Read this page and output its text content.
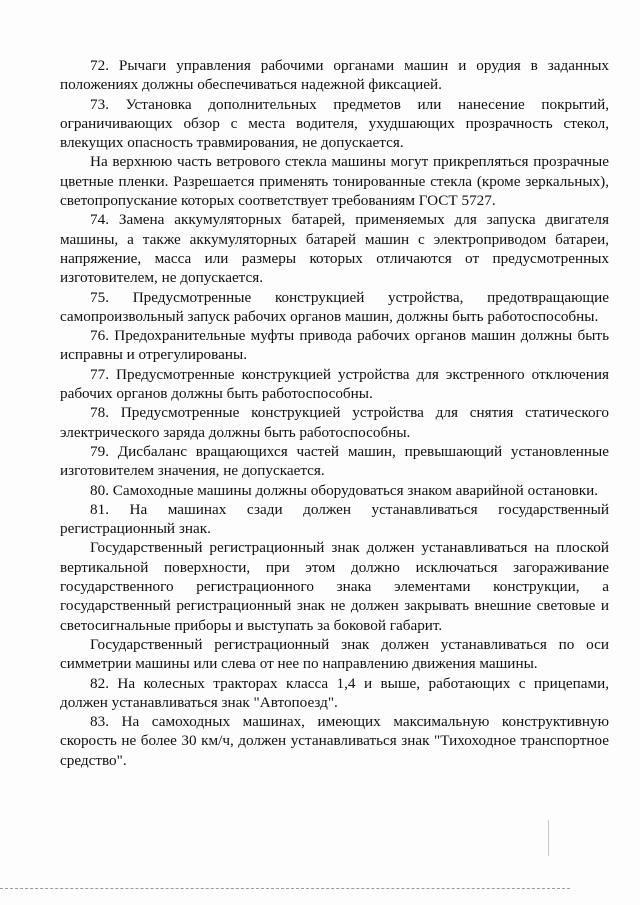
72. Рычаги управления рабочими органами машин и орудия в заданных положениях должны обеспечиваться надежной фиксацией.

73. Установка дополнительных предметов или нанесение покрытий, ограничивающих обзор с места водителя, ухудшающих прозрачность стекол, влекущих опасность травмирования, не допускается.

На верхнюю часть ветрового стекла машины могут прикрепляться прозрачные цветные пленки. Разрешается применять тонированные стекла (кроме зеркальных), светопропускание которых соответствует требованиям ГОСТ 5727.

74. Замена аккумуляторных батарей, применяемых для запуска двигателя машины, а также аккумуляторных батарей машин с электроприводом батареи, напряжение, масса или размеры которых отличаются от предусмотренных изготовителем, не допускается.

75. Предусмотренные конструкцией устройства, предотвращающие самопроизвольный запуск рабочих органов машин, должны быть работоспособны.

76. Предохранительные муфты привода рабочих органов машин должны быть исправны и отрегулированы.

77. Предусмотренные конструкцией устройства для экстренного отключения рабочих органов должны быть работоспособны.

78. Предусмотренные конструкцией устройства для снятия статического электрического заряда должны быть работоспособны.

79. Дисбаланс вращающихся частей машин, превышающий установленные изготовителем значения, не допускается.

80. Самоходные машины должны оборудоваться знаком аварийной остановки.

81. На машинах сзади должен устанавливаться государственный регистрационный знак.

Государственный регистрационный знак должен устанавливаться на плоской вертикальной поверхности, при этом должно исключаться загораживание государственного регистрационного знака элементами конструкции, а государственный регистрационный знак не должен закрывать внешние световые и светосигнальные приборы и выступать за боковой габарит.

Государственный регистрационный знак должен устанавливаться по оси симметрии машины или слева от нее по направлению движения машины.

82. На колесных тракторах класса 1,4 и выше, работающих с прицепами, должен устанавливаться знак "Автопоезд".

83. На самоходных машинах, имеющих максимальную конструктивную скорость не более 30 км/ч, должен устанавливаться знак "Тихоходное транспортное средство".
